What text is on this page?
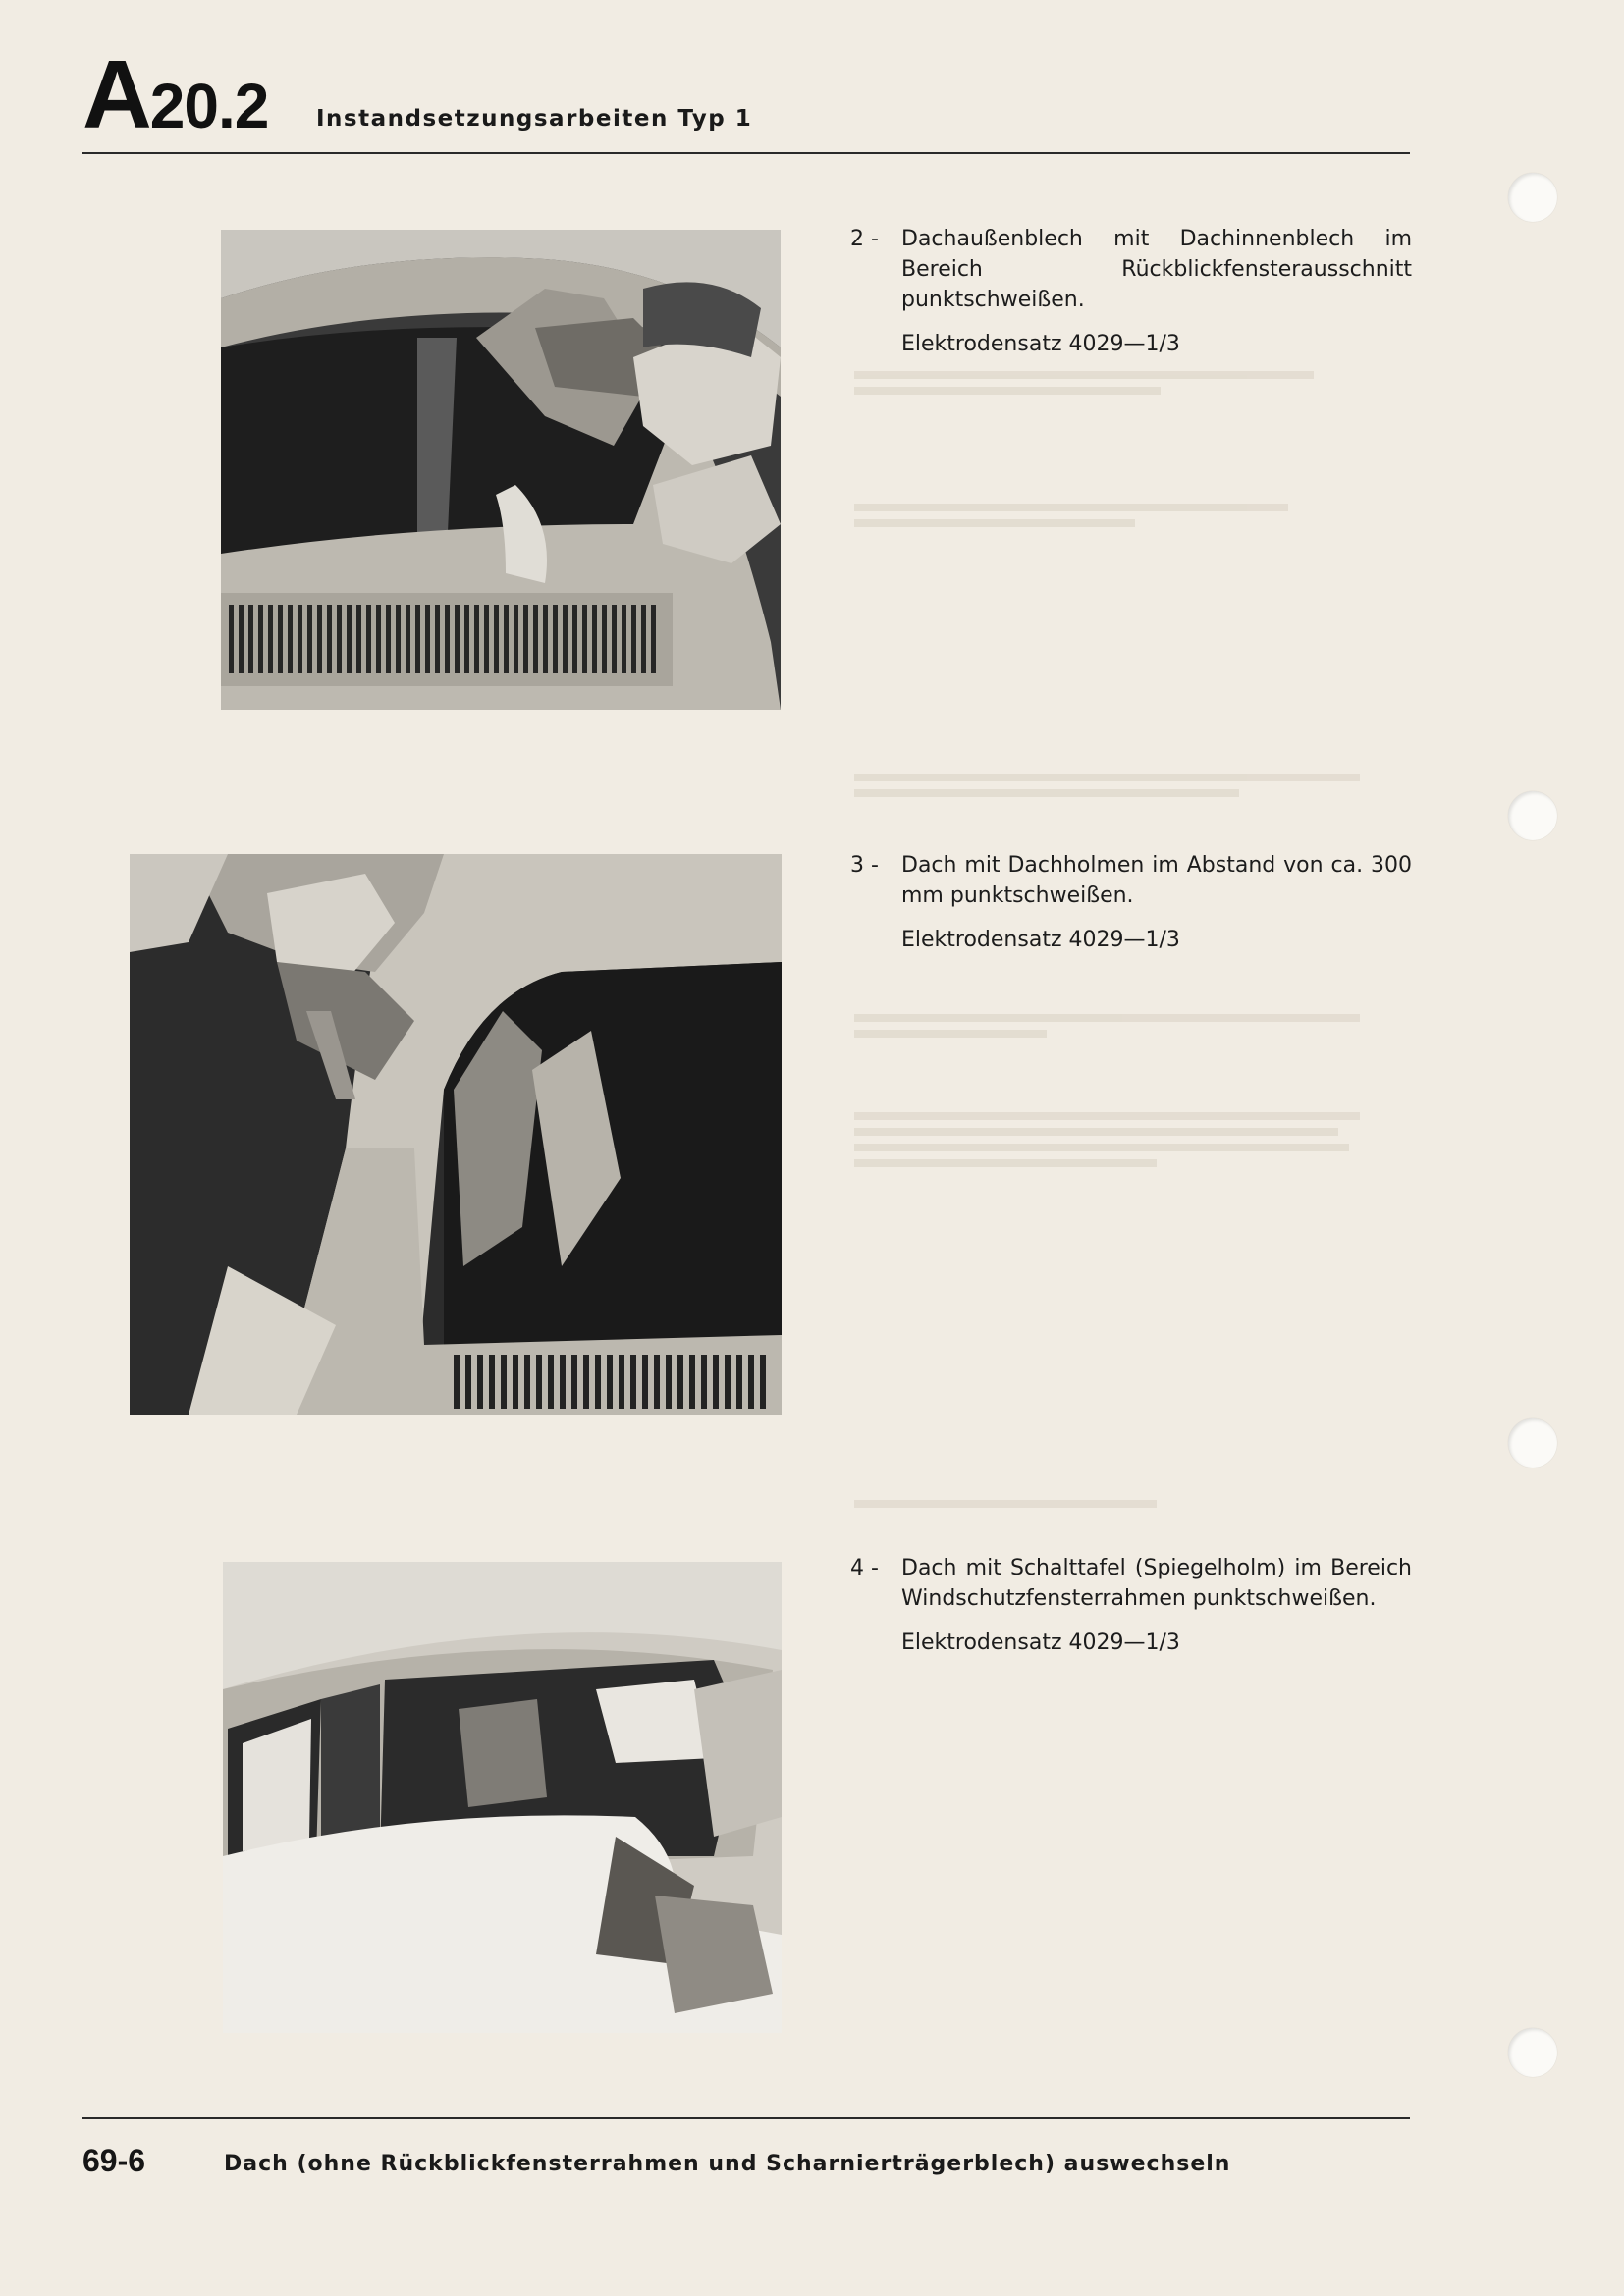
A20.2 Instandsetzungsarbeiten Typ 1
2 -	Dachaußenblech mit Dachinnenblech im Bereich Rückblickfensterausschnitt punktschweißen.
Elektrodensatz 4029—1/3
3 -	Dach mit Dachholmen im Abstand von ca. 300 mm punktschweißen.
Elektrodensatz 4029—1/3
4 -	Dach mit Schalttafel (Spiegelholm) im Bereich Windschutzfensterrahmen punktschweißen.
Elektrodensatz 4029—1/3
69-6	Dach (ohne Rückblickfensterrahmen und Scharnierträgerblech) auswechseln
